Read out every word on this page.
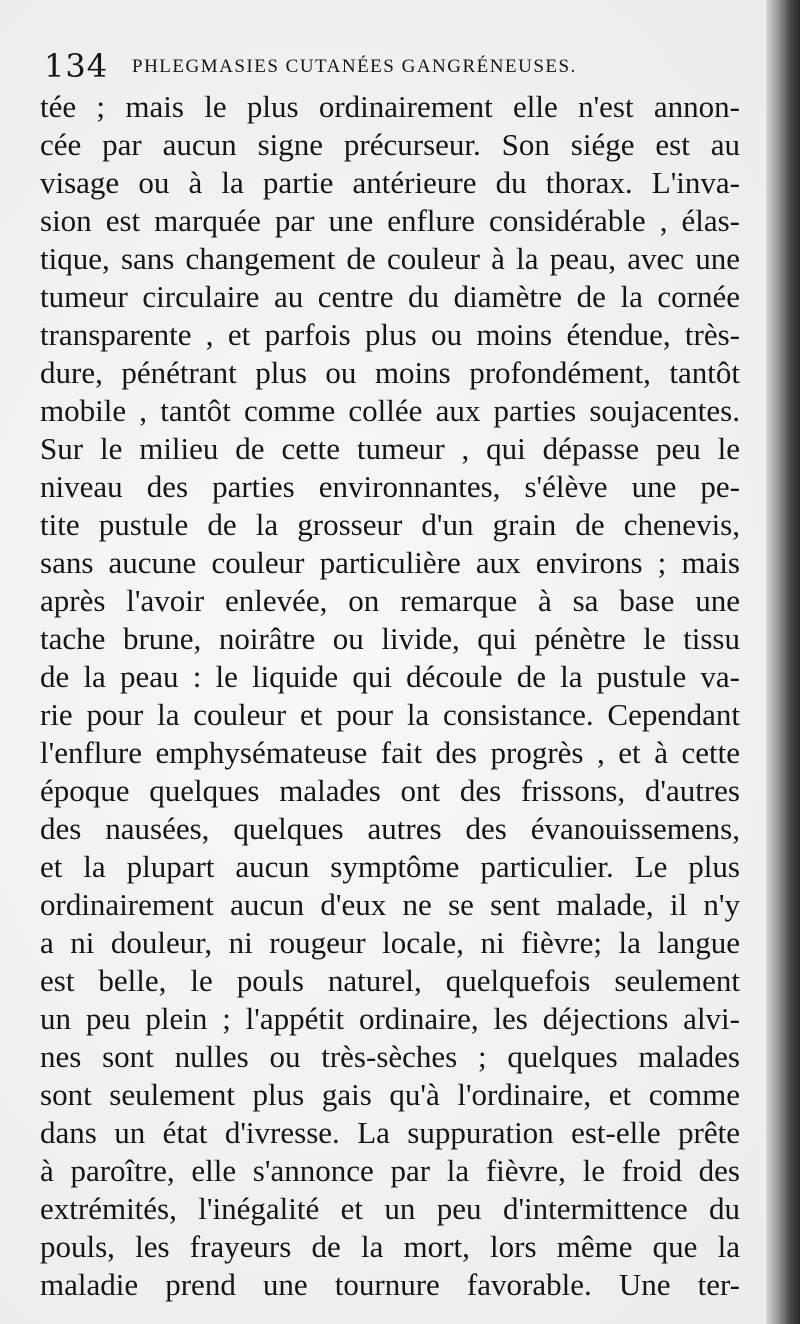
134 PHLEGMASIES CUTANÉES GANGRÉNEUSES.
tée ; mais le plus ordinairement elle n'est annon-
cée par aucun signe précurseur. Son siége est au
visage ou à la partie antérieure du thorax. L'inva-
sion est marquée par une enflure considérable , élas-
tique, sans changement de couleur à la peau, avec une
tumeur circulaire au centre du diamètre de la cornée
transparente , et parfois plus ou moins étendue, très-
dure, pénétrant plus ou moins profondément, tantôt
mobile , tantôt comme collée aux parties soujacentes.
Sur le milieu de cette tumeur , qui dépasse peu le
niveau des parties environnantes, s'élève une pe-
tite pustule de la grosseur d'un grain de chenevis,
sans aucune couleur particulière aux environs ; mais
après l'avoir enlevée, on remarque à sa base une
tache brune, noirâtre ou livide, qui pénètre le tissu
de la peau : le liquide qui découle de la pustule va-
rie pour la couleur et pour la consistance. Cependant
l'enflure emphysémateuse fait des progrès , et à cette
époque quelques malades ont des frissons, d'autres
des nausées, quelques autres des évanouissemens,
et la plupart aucun symptôme particulier. Le plus
ordinairement aucun d'eux ne se sent malade, il n'y
a ni douleur, ni rougeur locale, ni fièvre; la langue
est belle, le pouls naturel, quelquefois seulement
un peu plein ; l'appétit ordinaire, les déjections alvi-
nes sont nulles ou très-sèches ; quelques malades
sont seulement plus gais qu'à l'ordinaire, et comme
dans un état d'ivresse. La suppuration est-elle prête
à paroître, elle s'annonce par la fièvre, le froid des
extrémités, l'inégalité et un peu d'intermittence du
pouls, les frayeurs de la mort, lors même que la
maladie prend une tournure favorable. Une ter-
